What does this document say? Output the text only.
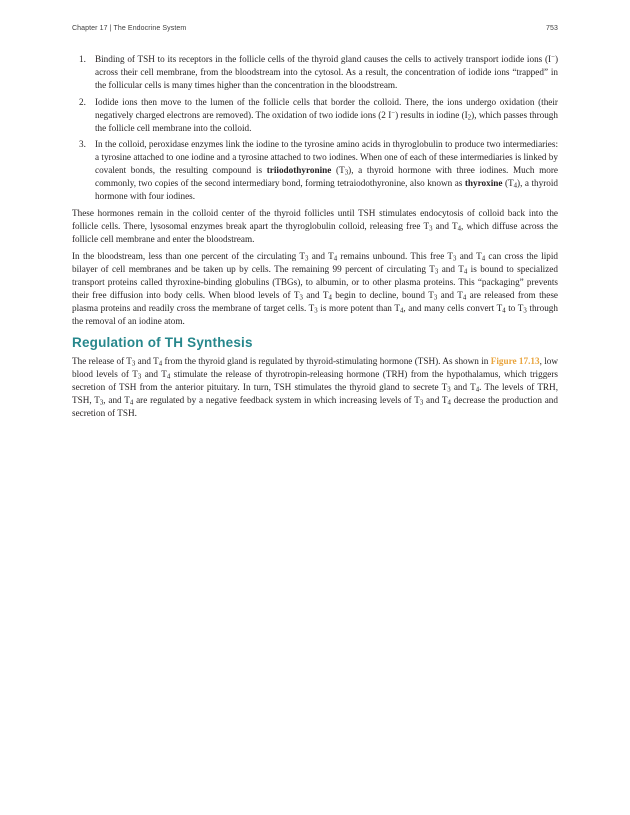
Chapter 17 | The Endocrine System	753
1. Binding of TSH to its receptors in the follicle cells of the thyroid gland causes the cells to actively transport iodide ions (I−) across their cell membrane, from the bloodstream into the cytosol. As a result, the concentration of iodide ions “trapped” in the follicular cells is many times higher than the concentration in the bloodstream.
2. Iodide ions then move to the lumen of the follicle cells that border the colloid. There, the ions undergo oxidation (their negatively charged electrons are removed). The oxidation of two iodide ions (2 I−) results in iodine $(I_2)$, which passes through the follicle cell membrane into the colloid.
3. In the colloid, peroxidase enzymes link the iodine to the tyrosine amino acids in thyroglobulin to produce two intermediaries: a tyrosine attached to one iodine and a tyrosine attached to two iodines. When one of each of these intermediaries is linked by covalent bonds, the resulting compound is triiodothyronine $(T_3)$, a thyroid hormone with three iodines. Much more commonly, two copies of the second intermediary bond, forming tetraiodothyronine, also known as thyroxine $(T_4)$, a thyroid hormone with four iodines.

These hormones remain in the colloid center of the thyroid follicles until TSH stimulates endocytosis of colloid back into the follicle cells. There, lysosomal enzymes break apart the thyroglobulin colloid, releasing free $T_3$ and $T_4$, which diffuse across the follicle cell membrane and enter the bloodstream.

In the bloodstream, less than one percent of the circulating $T_3$ and $T_4$ remains unbound. This free $T_3$ and $T_4$ can cross the lipid bilayer of cell membranes and be taken up by cells. The remaining 99 percent of circulating $T_3$ and $T_4$ is bound to specialized transport proteins called thyroxine-binding globulins (TBGs), to albumin, or to other plasma proteins. This “packaging” prevents their free diffusion into body cells. When blood levels of $T_3$ and $T_4$ begin to decline, bound $T_3$ and $T_4$ are released from these plasma proteins and readily cross the membrane of target cells. $T_3$ is more potent than $T_4$, and many cells convert $T_4$ to $T_3$ through the removal of an iodine atom.

Regulation of TH Synthesis

The release of $T_3$ and $T_4$ from the thyroid gland is regulated by thyroid-stimulating hormone (TSH). As shown in Figure 17.13, low blood levels of $T_3$ and $T_4$ stimulate the release of thyrotropin-releasing hormone (TRH) from the hypothalamus, which triggers secretion of TSH from the anterior pituitary. In turn, TSH stimulates the thyroid gland to secrete $T_3$ and $T_4$. The levels of TRH, TSH, $T_3$, and $T_4$ are regulated by a negative feedback system in which increasing levels of $T_3$ and $T_4$ decrease the production and secretion of TSH.
